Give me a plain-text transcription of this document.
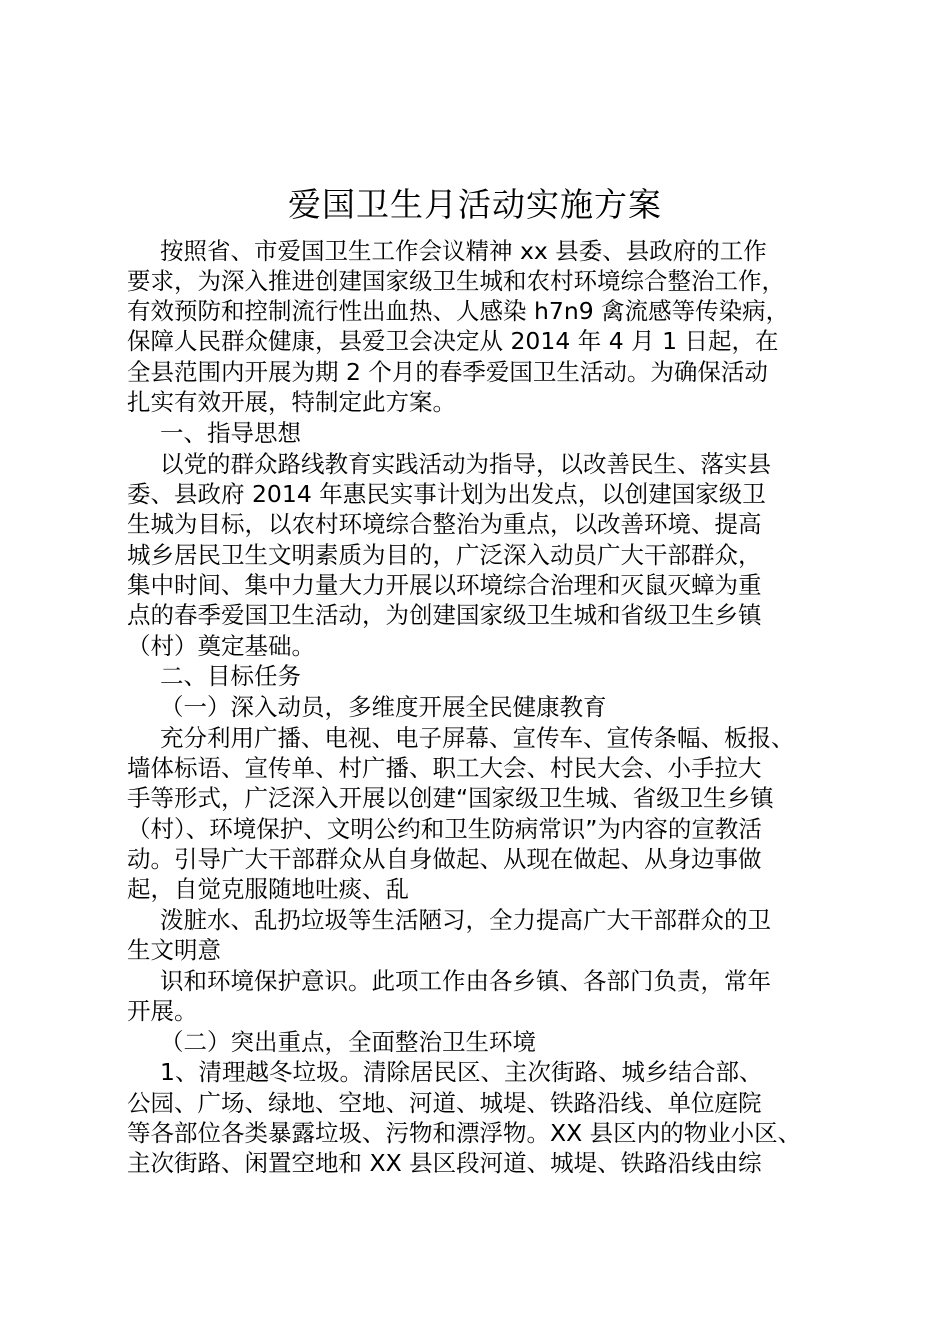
爱国卫生月活动实施方案
按照省、市爱国卫生工作会议精神 xx 县委、县政府的工作
要求，为深入推进创建国家级卫生城和农村环境综合整治工作，
有效预防和控制流行性出血热、人感染 h7n9 禽流感等传染病，
保障人民群众健康，县爱卫会决定从 2014 年 4 月 1 日起，在
全县范围内开展为期 2 个月的春季爱国卫生活动。为确保活动
扎实有效开展，特制定此方案。
一、指导思想
以党的群众路线教育实践活动为指导，以改善民生、落实县
委、县政府 2014 年惠民实事计划为出发点，以创建国家级卫
生城为目标，以农村环境综合整治为重点，以改善环境、提高
城乡居民卫生文明素质为目的，广泛深入动员广大干部群众，
集中时间、集中力量大力开展以环境综合治理和灭鼠灭蟑为重
点的春季爱国卫生活动，为创建国家级卫生城和省级卫生乡镇
（村）奠定基础。
二、目标任务
（一）深入动员，多维度开展全民健康教育
充分利用广播、电视、电子屏幕、宣传车、宣传条幅、板报、
墙体标语、宣传单、村广播、职工大会、村民大会、小手拉大
手等形式，广泛深入开展以创建“国家级卫生城、省级卫生乡镇
（村）、环境保护、文明公约和卫生防病常识”为内容的宣教活
动。引导广大干部群众从自身做起、从现在做起、从身边事做
起，自觉克服随地吐痰、乱
泼脏水、乱扔垃圾等生活陋习，全力提高广大干部群众的卫
生文明意
识和环境保护意识。此项工作由各乡镇、各部门负责，常年
开展。
（二）突出重点，全面整治卫生环境
1、清理越冬垃圾。清除居民区、主次街路、城乡结合部、
公园、广场、绿地、空地、河道、城堤、铁路沿线、单位庭院
等各部位各类暴露垃圾、污物和漂浮物。XX 县区内的物业小区、
主次街路、闲置空地和 XX 县区段河道、城堤、铁路沿线由综
